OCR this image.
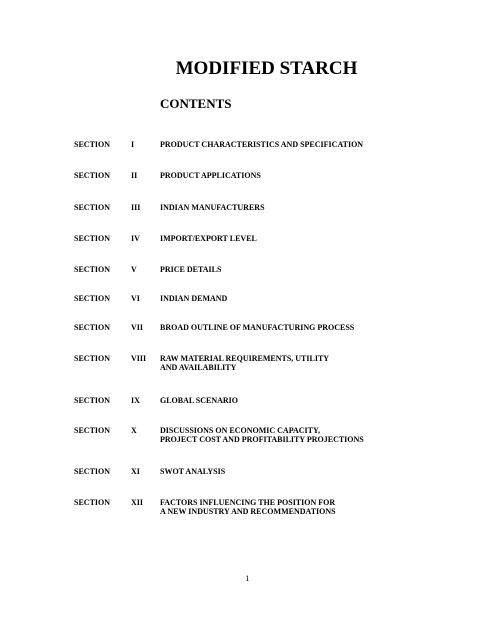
MODIFIED STARCH
CONTENTS
SECTION	I	PRODUCT CHARACTERISTICS AND SPECIFICATION
SECTION	II	PRODUCT APPLICATIONS
SECTION	III INDIAN MANUFACTURERS
SECTION	IV	IMPORT/EXPORT LEVEL
SECTION	V	PRICE DETAILS
SECTION	VI	INDIAN DEMAND
SECTION	VII BROAD OUTLINE OF MANUFACTURING PROCESS
SECTION	VIII RAW MATERIAL REQUIREMENTS, UTILITY
AND AVAILABILITY
SECTION	IX	GLOBAL SCENARIO
SECTION	X	DISCUSSIONS ON ECONOMIC CAPACITY,
PROJECT COST AND PROFITABILITY PROJECTIONS
SECTION	XI	SWOT ANALYSIS
SECTION	XII FACTORS INFLUENCING THE POSITION FOR
A NEW INDUSTRY AND RECOMMENDATIONS
1
